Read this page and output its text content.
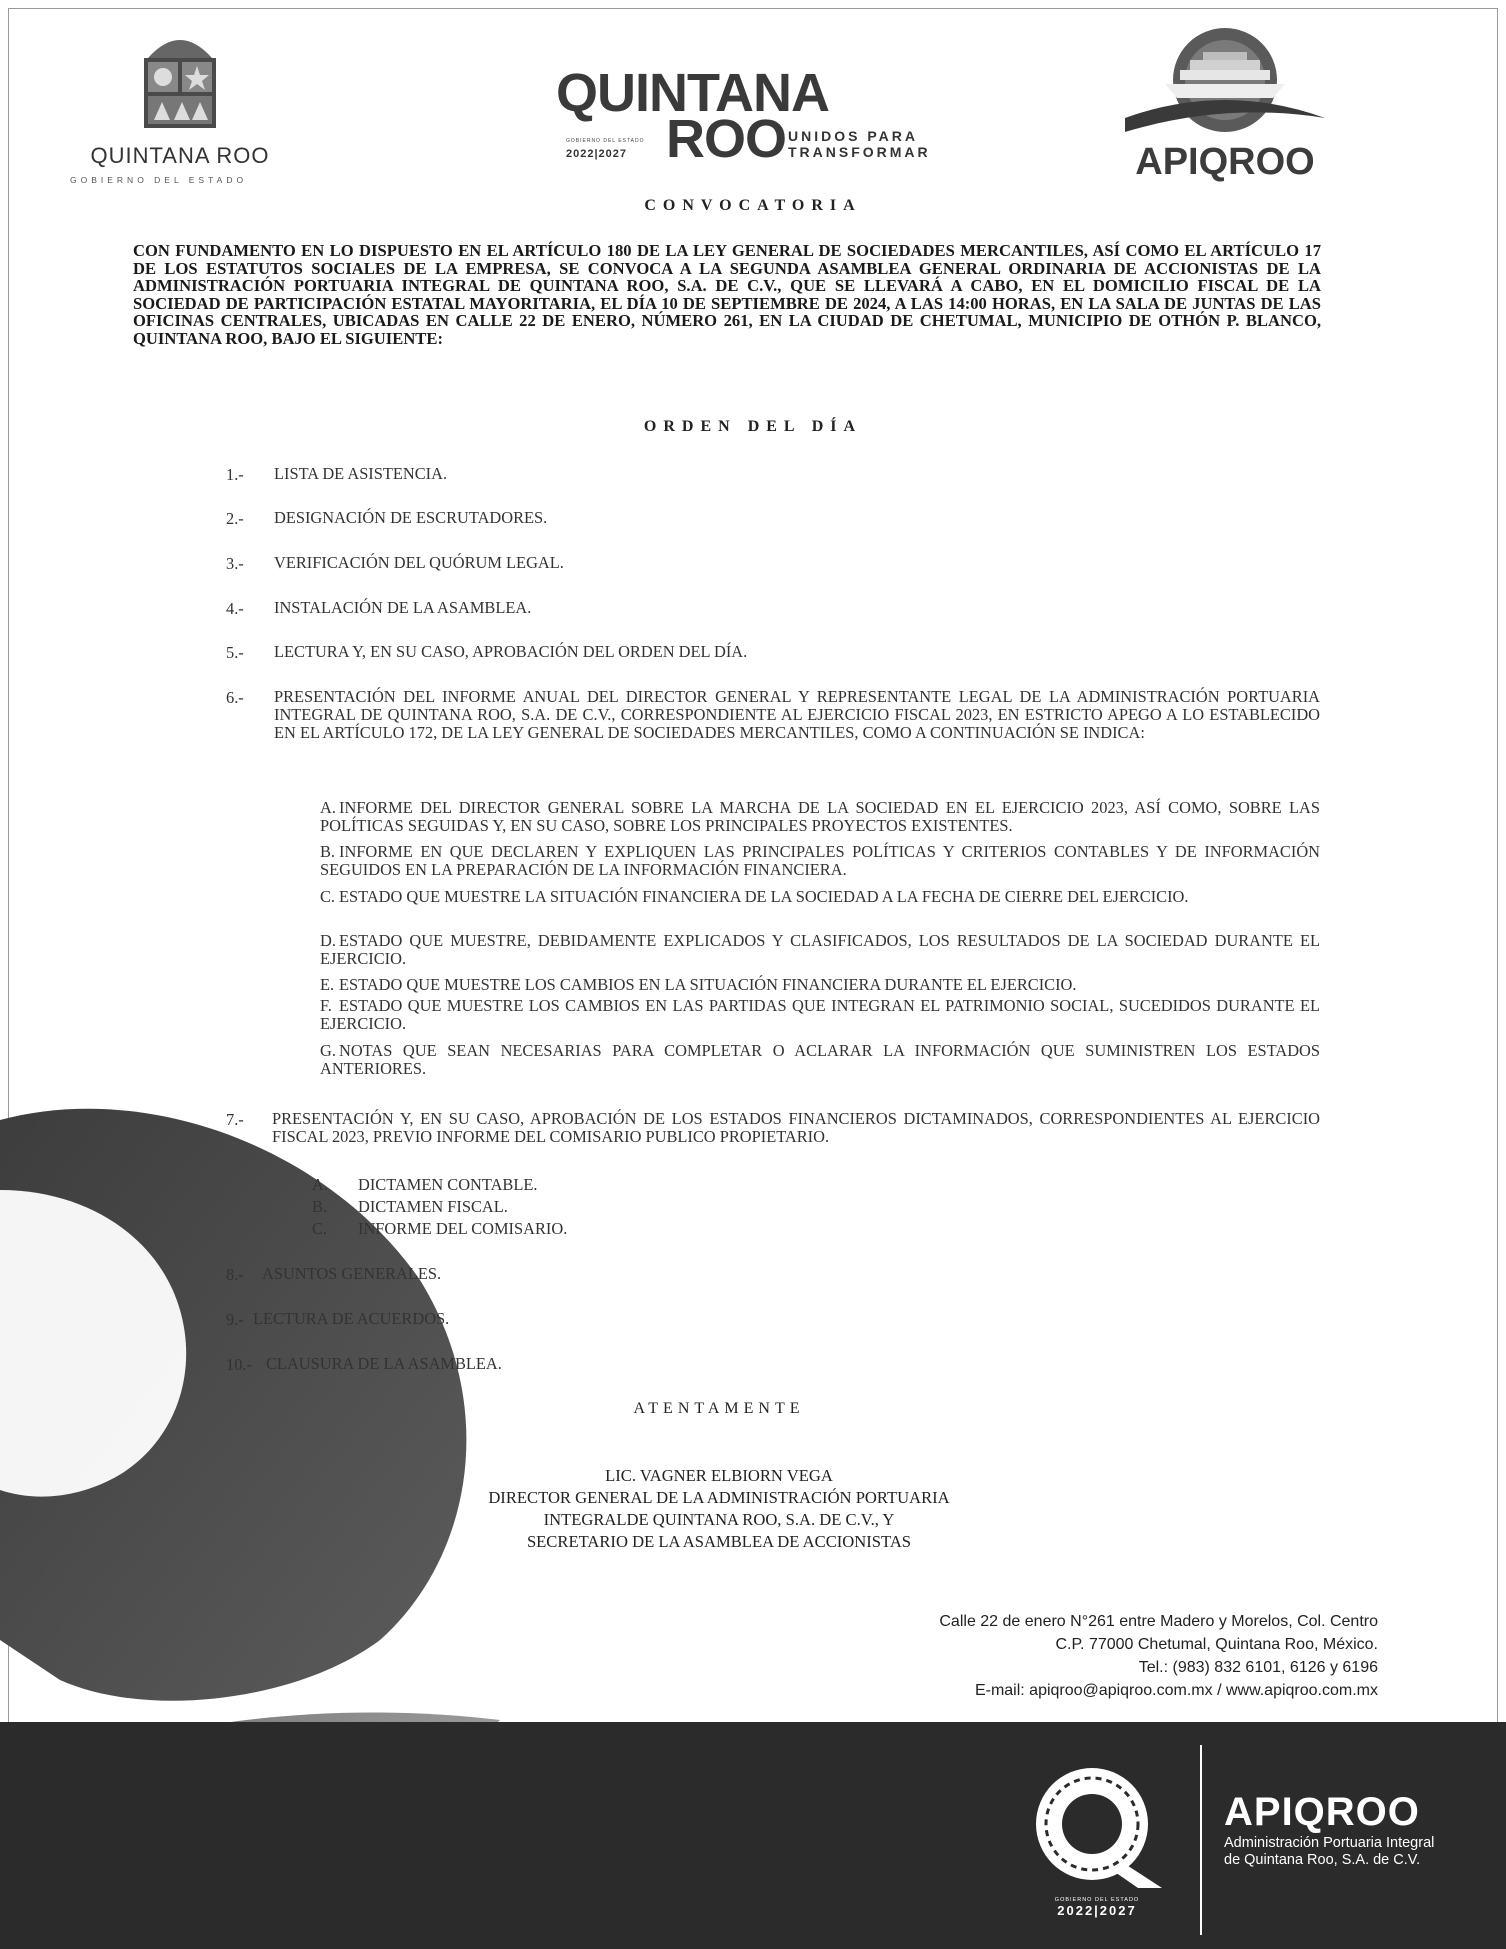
QUINTANA ROO
GOBIERNO DEL ESTADO
QUINTANA
ROO UNIDOS PARA
TRANSFORMAR
GOBIERNO DEL ESTADO
2022|2027	APIQROO
CONVOCATORIA
CON FUNDAMENTO EN LO DISPUESTO EN EL ARTÍCULO 180 DE LA LEY GENERAL DE SOCIEDADES MERCANTILES, ASÍ COMO EL ARTÍCULO 17 DE LOS ESTATUTOS SOCIALES DE LA EMPRESA, SE CONVOCA A LA SEGUNDA ASAMBLEA GENERAL ORDINARIA DE ACCIONISTAS DE LA ADMINISTRACIÓN PORTUARIA INTEGRAL DE QUINTANA ROO, S.A. DE C.V., QUE SE LLEVARÁ A CABO, EN EL DOMICILIO FISCAL DE LA SOCIEDAD DE PARTICIPACIÓN ESTATAL MAYORITARIA, EL DÍA 10 DE SEPTIEMBRE DE 2024, A LAS 14:00 HORAS, EN LA SALA DE JUNTAS DE LAS OFICINAS CENTRALES, UBICADAS EN CALLE 22 DE ENERO, NÚMERO 261, EN LA CIUDAD DE CHETUMAL, MUNICIPIO DE OTHÓN P. BLANCO, QUINTANA ROO, BAJO EL SIGUIENTE:
ORDEN DEL DÍA
1.- LISTA DE ASISTENCIA.
2.- DESIGNACIÓN DE ESCRUTADORES.
3.- VERIFICACIÓN DEL QUÓRUM LEGAL.
4.- INSTALACIÓN DE LA ASAMBLEA.
5.- LECTURA Y, EN SU CASO, APROBACIÓN DEL ORDEN DEL DÍA.
6.- PRESENTACIÓN DEL INFORME ANUAL DEL DIRECTOR GENERAL Y REPRESENTANTE LEGAL DE LA ADMINISTRACIÓN PORTUARIA INTEGRAL DE QUINTANA ROO, S.A. DE C.V., CORRESPONDIENTE AL EJERCICIO FISCAL 2023, EN ESTRICTO APEGO A LO ESTABLECIDO EN EL ARTÍCULO 172, DE LA LEY GENERAL DE SOCIEDADES MERCANTILES, COMO A CONTINUACIÓN SE INDICA:
A. INFORME DEL DIRECTOR GENERAL SOBRE LA MARCHA DE LA SOCIEDAD EN EL EJERCICIO 2023, ASÍ COMO, SOBRE LAS POLÍTICAS SEGUIDAS Y, EN SU CASO, SOBRE LOS PRINCIPALES PROYECTOS EXISTENTES.
B. INFORME EN QUE DECLAREN Y EXPLIQUEN LAS PRINCIPALES POLÍTICAS Y CRITERIOS CONTABLES Y DE INFORMACIÓN SEGUIDOS EN LA PREPARACIÓN DE LA INFORMACIÓN FINANCIERA.
C. ESTADO QUE MUESTRE LA SITUACIÓN FINANCIERA DE LA SOCIEDAD A LA FECHA DE CIERRE DEL EJERCICIO.
D. ESTADO QUE MUESTRE, DEBIDAMENTE EXPLICADOS Y CLASIFICADOS, LOS RESULTADOS DE LA SOCIEDAD DURANTE EL EJERCICIO.
E. ESTADO QUE MUESTRE LOS CAMBIOS EN LA SITUACIÓN FINANCIERA DURANTE EL EJERCICIO.
F. ESTADO QUE MUESTRE LOS CAMBIOS EN LAS PARTIDAS QUE INTEGRAN EL PATRIMONIO SOCIAL, SUCEDIDOS DURANTE EL EJERCICIO.
G. NOTAS QUE SEAN NECESARIAS PARA COMPLETAR O ACLARAR LA INFORMACIÓN QUE SUMINISTREN LOS ESTADOS ANTERIORES.
7.- PRESENTACIÓN Y, EN SU CASO, APROBACIÓN DE LOS ESTADOS FINANCIEROS DICTAMINADOS, CORRESPONDIENTES AL EJERCICIO FISCAL 2023, PREVIO INFORME DEL COMISARIO PUBLICO PROPIETARIO.
A. DICTAMEN CONTABLE.
B. DICTAMEN FISCAL.
C. INFORME DEL COMISARIO.
8.- ASUNTOS GENERALES.
9.- LECTURA DE ACUERDOS.
10.- CLAUSURA DE LA ASAMBLEA.
ATENTAMENTE
LIC. VAGNER ELBIORN VEGA
DIRECTOR GENERAL DE LA ADMINISTRACIÓN PORTUARIA
INTEGRALDE QUINTANA ROO, S.A. DE C.V., Y
SECRETARIO DE LA ASAMBLEA DE ACCIONISTAS
Calle 22 de enero N°261 entre Madero y Morelos, Col. Centro
C.P. 77000 Chetumal, Quintana Roo, México.
Tel.: (983) 832 6101, 6126 y 6196
E-mail: apiqroo@apiqroo.com.mx / www.apiqroo.com.mx
GOBIERNO DEL ESTADO
2022|2027
APIQROO
Administración Portuaria Integral
de Quintana Roo, S.A. de C.V.
